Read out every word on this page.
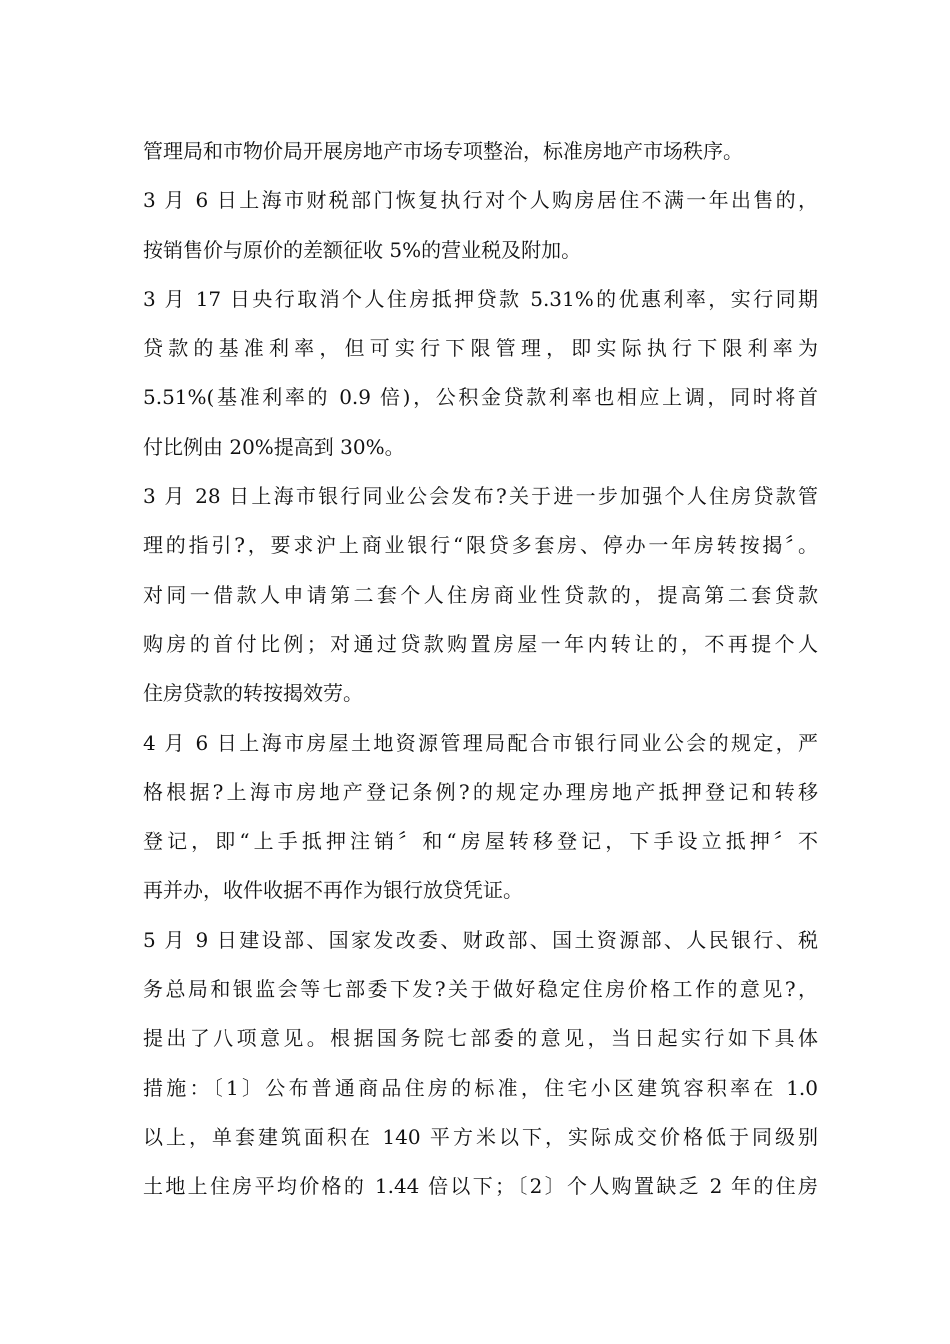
管理局和市物价局开展房地产市场专项整治，标准房地产市场秩序。
3 月 6 日上海市财税部门恢复执行对个人购房居住不满一年出售的，
按销售价与原价的差额征收 5%的营业税及附加。
3 月 17 日央行取消个人住房抵押贷款 5.31%的优惠利率，实行同期
贷款的基准利率，但可实行下限管理，即实际执行下限利率为
5.51%(基准利率的 0.9 倍)，公积金贷款利率也相应上调，同时将首
付比例由 20%提高到 30%。
3 月 28 日上海市银行同业公会发布?关于进一步加强个人住房贷款管
理的指引?，要求沪上商业银行“限贷多套房、停办一年房转按揭〞。
对同一借款人申请第二套个人住房商业性贷款的，提高第二套贷款
购房的首付比例；对通过贷款购置房屋一年内转让的，不再提个人
住房贷款的转按揭效劳。
4 月 6 日上海市房屋土地资源管理局配合市银行同业公会的规定，严
格根据?上海市房地产登记条例?的规定办理房地产抵押登记和转移
登记，即“上手抵押注销〞和“房屋转移登记，下手设立抵押〞不
再并办，收件收据不再作为银行放贷凭证。
5 月 9 日建设部、国家发改委、财政部、国土资源部、人民银行、税
务总局和银监会等七部委下发?关于做好稳定住房价格工作的意见?，
提出了八项意见。根据国务院七部委的意见，当日起实行如下具体
措施：〔1〕公布普通商品住房的标准，住宅小区建筑容积率在 1.0
以上，单套建筑面积在 140 平方米以下，实际成交价格低于同级别
土地上住房平均价格的 1.44 倍以下；〔2〕个人购置缺乏 2 年的住房
